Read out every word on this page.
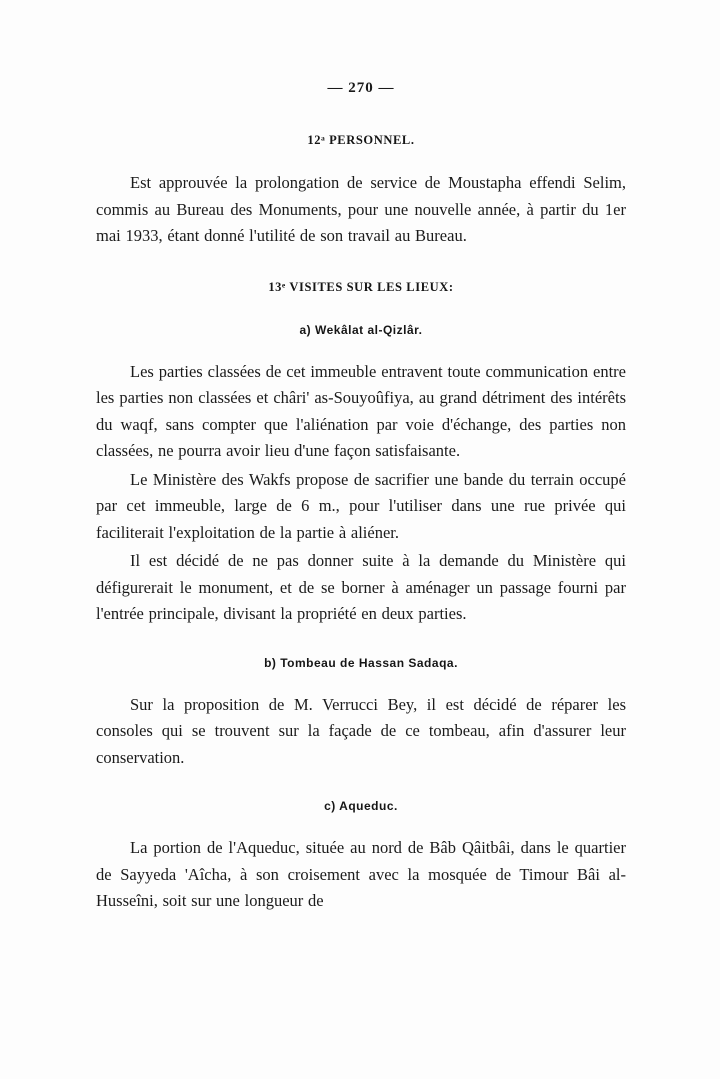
— 270 —
12ᵃ PERSONNEL.

Est approuvée la prolongation de service de Moustapha effendi Selim, commis au Bureau des Monuments, pour une nouvelle année, à partir du 1er mai 1933, étant donné l'utilité de son travail au Bureau.

13ᵉ VISITES SUR LES LIEUX:
a) Wekâlat al-Qizlâr.

Les parties classées de cet immeuble entravent toute communication entre les parties non classées et châri' as-Souyoûfiya, au grand détriment des intérêts du waqf, sans compter que l'aliénation par voie d'échange, des parties non classées, ne pourra avoir lieu d'une façon satisfaisante.

Le Ministère des Wakfs propose de sacrifier une bande du terrain occupé par cet immeuble, large de 6 m., pour l'utiliser dans une rue privée qui faciliterait l'exploitation de la partie à aliéner.

Il est décidé de ne pas donner suite à la demande du Ministère qui défigurerait le monument, et de se borner à aménager un passage fourni par l'entrée principale, divisant la propriété en deux parties.

b) Tombeau de Hassan Sadaqa.

Sur la proposition de M. Verrucci Bey, il est décidé de réparer les consoles qui se trouvent sur la façade de ce tombeau, afin d'assurer leur conservation.

c) Aqueduc.

La portion de l'Aqueduc, située au nord de Bâb Qâitbâi, dans le quartier de Sayyeda 'Aîcha, à son croisement avec la mosquée de Timour Bâi al-Husseîni, soit sur une longueur de
